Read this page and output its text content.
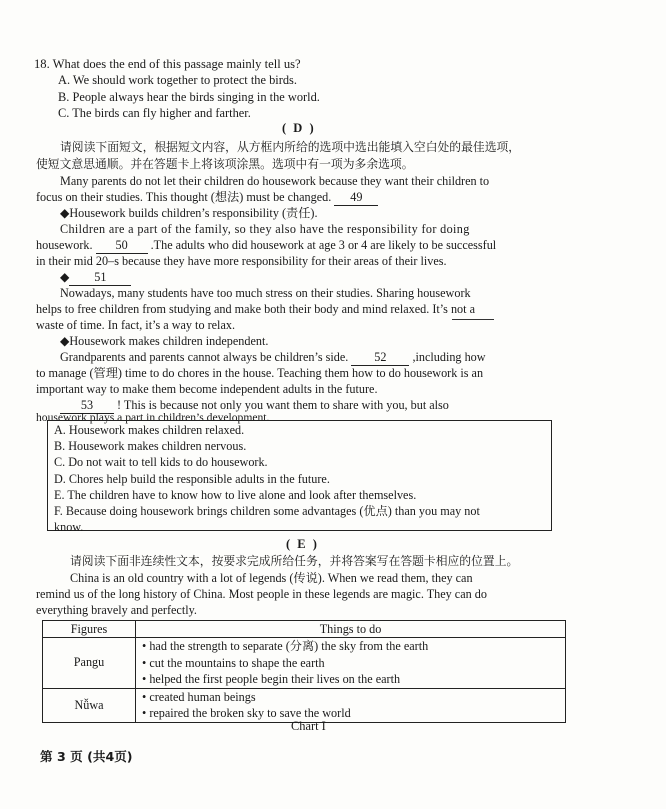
18. What does the end of this passage mainly tell us?
A. We should work together to protect the birds.
B. People always hear the birds singing in the world.
C. The birds can fly higher and farther.
( D )
请阅读下面短文，根据短文内容，从方框内所给的选项中选出能填入空白处的最佳选项，
使短文意思通顺。并在答题卡上将该项涂黑。选项中有一项为多余选项。
Many parents do not let their children do housework because they want their children to
focus on their studies. This thought (想法) must be changed. 49
◆Housework builds children’s responsibility (责任).
Children are a part of the family, so they also have the responsibility for doing
housework. 50 .The adults who did housework at age 3 or 4 are likely to be successful
in their mid 20–s because they have more responsibility for their areas of their lives.
◆ 51
Nowadays, many students have too much stress on their studies. Sharing housework
helps to free children from studying and make both their body and mind relaxed. It’s not a
waste of time. In fact, it’s a way to relax.
◆Housework makes children independent.
Grandparents and parents cannot always be children’s side. 52 ,including how
to manage (管理) time to do chores in the house. Teaching them how to do housework is an
important way to make them become independent adults in the future.
53 ! This is because not only you want them to share with you, but also
housework plays a part in children’s development.
A. Housework makes children relaxed.
B. Housework makes children nervous.
C. Do not wait to tell kids to do housework.
D. Chores help build the responsible adults in the future.
E. The children have to know how to live alone and look after themselves.
F. Because doing housework brings children some advantages (优点) than you may not
know.
( E )
请阅读下面非连续性文本，按要求完成所给任务，并将答案写在答题卡相应的位置上。
China is an old country with a lot of legends (传说). When we read them, they can
remind us of the long history of China. Most people in these legends are magic. They can do
everything bravely and perfectly.
Figures	Things to do
Pangu	• had the strength to separate (分离) the sky from the earth
• cut the mountains to shape the earth
• helped the first people begin their lives on the earth

Nǚwa	• created human beings
• repaired the broken sky to save the world
Chart I
第 3 页 (共4页)
